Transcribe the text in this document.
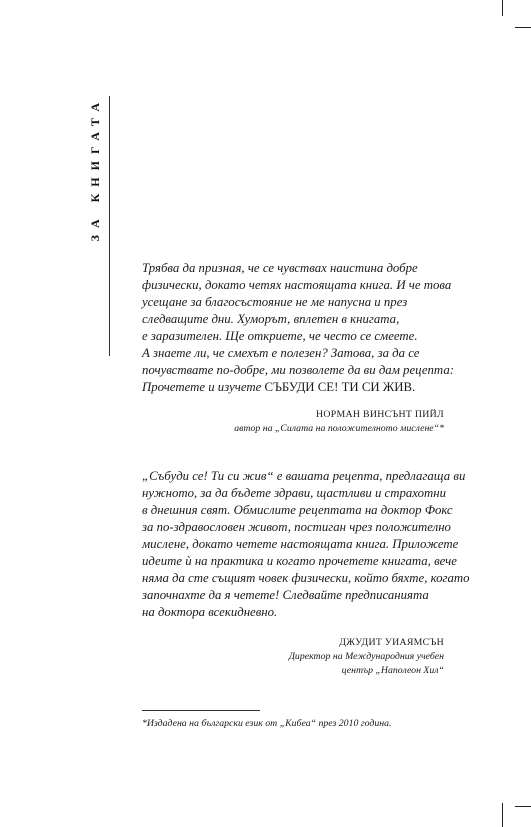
ЗА КНИГАТА
Трябва да призная, че се чувствах наистина добре
физически, докато четях настоящата книга. И че това
усещане за благосъстояние не ме напусна и през
следващите дни. Хуморът, вплетен в книгата,
е заразителен. Ще откриете, че често се смеете.
А знаете ли, че смехът е полезен? Затова, за да се
почувствате по-добре, ми позволете да ви дам рецепта:
Прочетете и изучете СЪБУДИ СЕ! ТИ СИ ЖИВ.
НОРМАН ВИНСЪНТ ПИЙЛ
автор на „Силата на положителното мислене“*
„Събуди се! Ти си жив“ е вашата рецепта, предлагаща ви
нужното, за да бъдете здрави, щастливи и страхотни
в днешния свят. Обмислите рецептата на доктор Фокс
за по-здравословен живот, постиган чрез положително
мислене, докато четете настоящата книга. Приложете
идеите ѝ на практика и когато прочетете книгата, вече
няма да сте същият човек физически, който бяхте, когато
започнахте да я четете! Следвайте предписанията
на доктора всекидневно.
ДЖУДИТ УИАЯМСЪН
Директор на Международния учебен
център „Наполеон Хил“
*Издадена на български език от „Кибеа“ през 2010 година.
